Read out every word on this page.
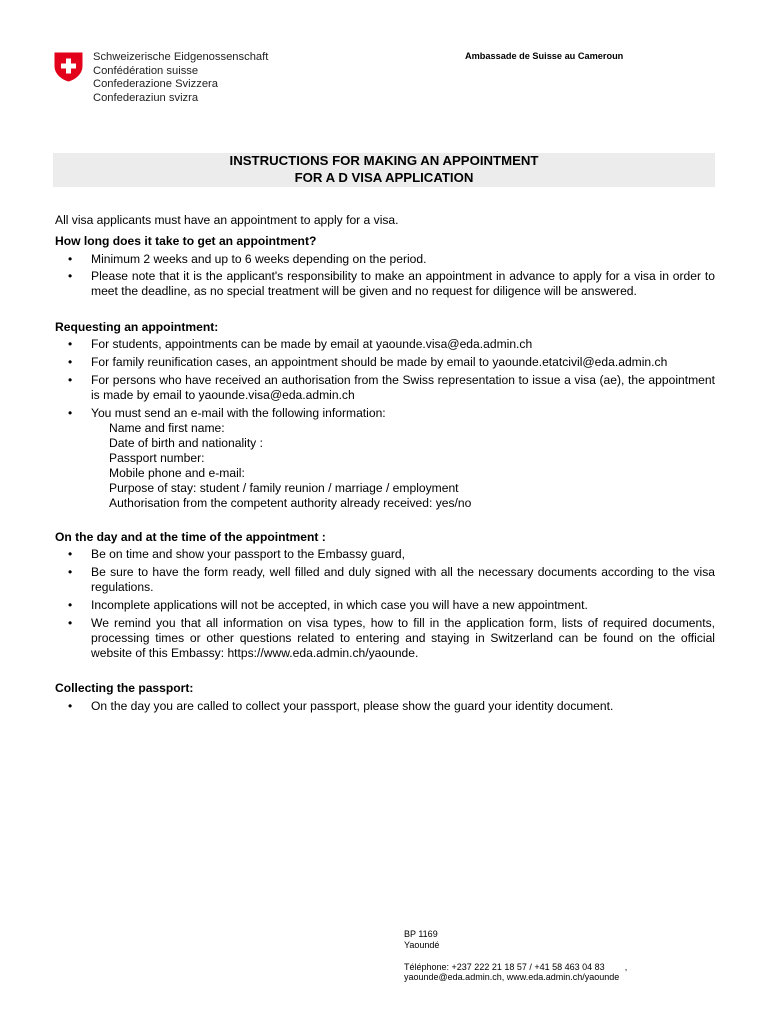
Schweizerische Eidgenossenschaft
Confédération suisse
Confederazione Svizzera
Confederaziun svizra
Ambassade de Suisse au Cameroun
INSTRUCTIONS FOR MAKING AN APPOINTMENT
FOR A D VISA APPLICATION

All visa applicants must have an appointment to apply for a visa.

How long does it take to get an appointment?

• Minimum 2 weeks and up to 6 weeks depending on the period.
• Please note that it is the applicant's responsibility to make an appointment in advance to apply for a visa in order to meet the deadline, as no special treatment will be given and no request for diligence will be answered.

Requesting an appointment:

• For students, appointments can be made by email at yaounde.visa@eda.admin.ch
• For family reunification cases, an appointment should be made by email to yaounde.etatcivil@eda.admin.ch
• For persons who have received an authorisation from the Swiss representation to issue a visa (ae), the appointment is made by email to yaounde.visa@eda.admin.ch
• You must send an e-mail with the following information:
Name and first name:
Date of birth and nationality :
Passport number:
Mobile phone and e-mail:
Purpose of stay: student / family reunion / marriage / employment
Authorisation from the competent authority already received: yes/no

On the day and at the time of the appointment :

• Be on time and show your passport to the Embassy guard,
• Be sure to have the form ready, well filled and duly signed with all the necessary documents according to the visa regulations.
• Incomplete applications will not be accepted, in which case you will have a new appointment.
• We remind you that all information on visa types, how to fill in the application form, lists of required documents, processing times or other questions related to entering and staying in Switzerland can be found on the official website of this Embassy: https://www.eda.admin.ch/yaounde.

Collecting the passport:

• On the day you are called to collect your passport, please show the guard your identity document.
BP 1169
Yaoundé
Téléphone: +237 222 21 18 57 / +41 58 463 04 83 ,
yaounde@eda.admin.ch, www.eda.admin.ch/yaounde
